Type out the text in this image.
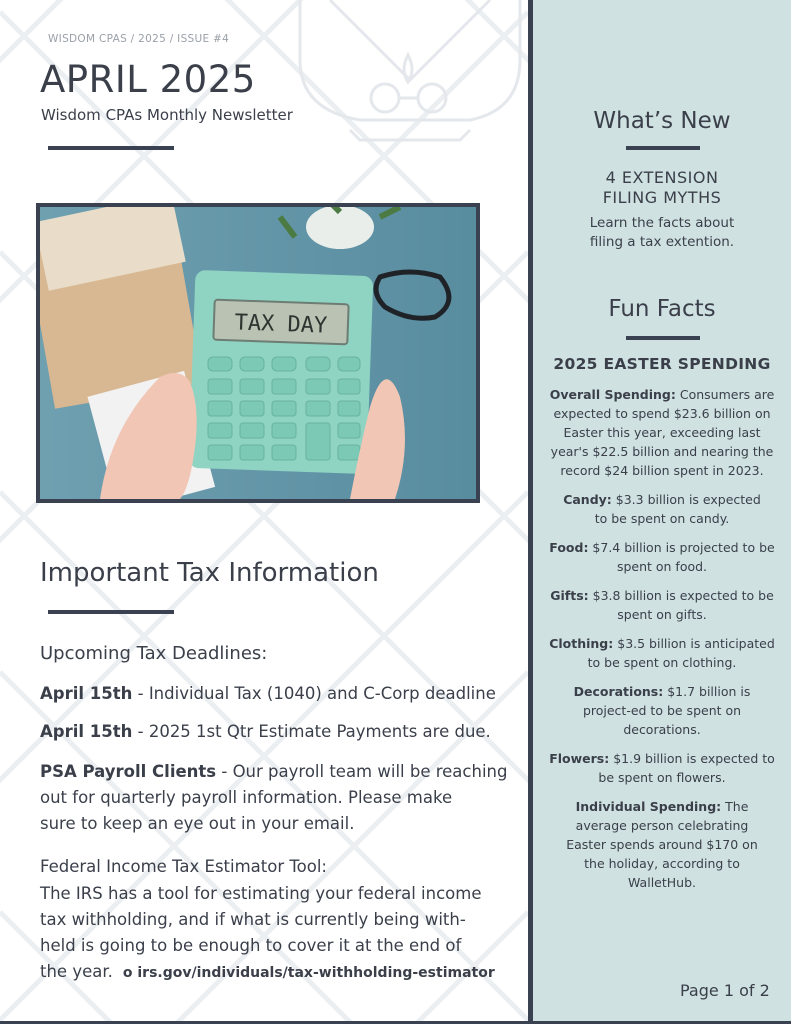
WISDOM CPAS / 2025 / ISSUE #4
APRIL 2025
Wisdom CPAs Monthly Newsletter
TAX DAY
Important Tax Information
Upcoming Tax Deadlines:
April 15th - Individual Tax (1040) and C-Corp deadline
April 15th - 2025 1st Qtr Estimate Payments are due.
PSA Payroll Clients - Our payroll team will be reaching
out for quarterly payroll information. Please make
sure to keep an eye out in your email.
Federal Income Tax Estimator Tool:
The IRS has a tool for estimating your federal income
tax withholding, and if what is currently being with-
held is going to be enough to cover it at the end of
the year. o irs.gov/individuals/tax-withholding-estimator
What’s New
4 EXTENSION
FILING MYTHS
Learn the facts about
filing a tax extention.
Fun Facts
2025 EASTER SPENDING
Overall Spending: Consumers are expected to spend $23.6 billion on Easter this year, exceeding last year's $22.5 billion and nearing the record $24 billion spent in 2023.
Candy: $3.3 billion is expected to be spent on candy.
Food: $7.4 billion is projected to be spent on food.
Gifts: $3.8 billion is expected to be spent on gifts.
Clothing: $3.5 billion is anticipated to be spent on clothing.
Decorations: $1.7 billion is project-ed to be spent on decorations.
Flowers: $1.9 billion is expected to be spent on flowers.
Individual Spending: The average person celebrating Easter spends around $170 on the holiday, according to WalletHub.
Page 1 of 2
